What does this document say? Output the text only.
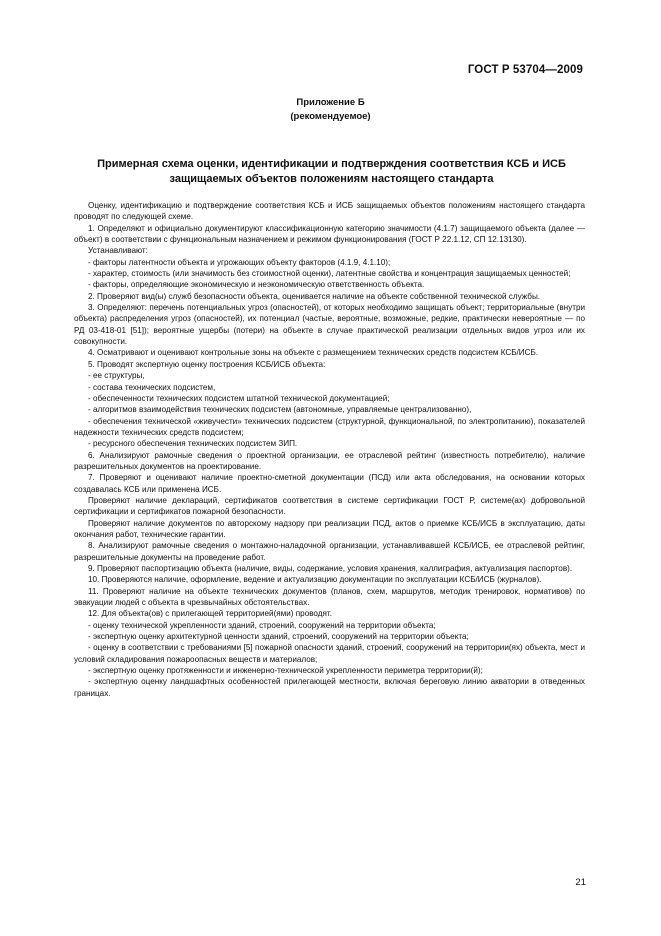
ГОСТ Р 53704—2009
Приложение Б
(рекомендуемое)
Примерная схема оценки, идентификации и подтверждения соответствия КСБ и ИСБ защищаемых объектов положениям настоящего стандарта

Оценку, идентификацию и подтверждение соответствия КСБ и ИСБ защищаемых объектов положениям настоящего стандарта проводят по следующей схеме.

1. Определяют и официально документируют классификационную категорию значимости (4.1.7) защищаемого объекта (далее — объект) в соответствии с функциональным назначением и режимом функционирования (ГОСТ Р 22.1.12, СП 12.13130).

Устанавливают:

- факторы латентности объекта и угрожающих объекту факторов (4.1.9, 4.1.10);

- характер, стоимость (или значимость без стоимостной оценки), латентные свойства и концентрация защищаемых ценностей;

- факторы, определяющие экономическую и неэкономическую ответственность объекта.

2. Проверяют вид(ы) служб безопасности объекта, оценивается наличие на объекте собственной технической службы.

3. Определяют: перечень потенциальных угроз (опасностей), от которых необходимо защищать объект; территориальные (внутри объекта) распределения угроз (опасностей), их потенциал (частые, вероятные, возможные, редкие, практически невероятные — по РД 03-418-01 [51]); вероятные ущербы (потери) на объекте в случае практической реализации отдельных видов угроз или их совокупности.

4. Осматривают и оценивают контрольные зоны на объекте с размещением технических средств подсистем КСБ/ИСБ.

5. Проводят экспертную оценку построения КСБ/ИСБ объекта:

- ее структуры,

- состава технических подсистем,

- обеспеченности технических подсистем штатной технической документацией;

- алгоритмов взаимодействия технических подсистем (автономные, управляемые централизованно),

- обеспечения технической «живучести» технических подсистем (структурной, функциональной, по электропитанию), показателей надежности технических средств подсистем;

- ресурсного обеспечения технических подсистем ЗИП.

6. Анализируют рамочные сведения о проектной организации, ее отраслевой рейтинг (известность потребителю), наличие разрешительных документов на проектирование.

7. Проверяют и оценивают наличие проектно-сметной документации (ПСД) или акта обследования, на основании которых создавалась КСБ или применена ИСБ.

Проверяют наличие деклараций, сертификатов соответствия в системе сертификации ГОСТ Р, системе(ах) добровольной сертификации и сертификатов пожарной безопасности.

Проверяют наличие документов по авторскому надзору при реализации ПСД, актов о приемке КСБ/ИСБ в эксплуатацию, даты окончания работ, технические гарантии.

8. Анализируют рамочные сведения о монтажно-наладочной организации, устанавливавшей КСБ/ИСБ, ее отраслевой рейтинг, разрешительные документы на проведение работ.

9. Проверяют паспортизацию объекта (наличие, виды, содержание, условия хранения, каллиграфия, актуализация паспортов).

10. Проверяются наличие, оформление, ведение и актуализацию документации по эксплуатации КСБ/ИСБ (журналов).

11. Проверяют наличие на объекте технических документов (планов, схем, маршрутов, методик тренировок, нормативов) по эвакуации людей с объекта в чрезвычайных обстоятельствах.

12. Для объекта(ов) с прилегающей территорией(ями) проводят.

- оценку технической укрепленности зданий, строений, сооружений на территории объекта;

- экспертную оценку архитектурной ценности зданий, строений, сооружений на территории объекта;

- оценку в соответствии с требованиями [5] пожарной опасности зданий, строений, сооружений на территории(ях) объекта, мест и условий складирования пожароопасных веществ и материалов;

- экспертную оценку протяженности и инженерно-технической укрепленности периметра территории(й);

- экспертную оценку ландшафтных особенностей прилегающей местности, включая береговую линию акватории в отведенных границах.

21
